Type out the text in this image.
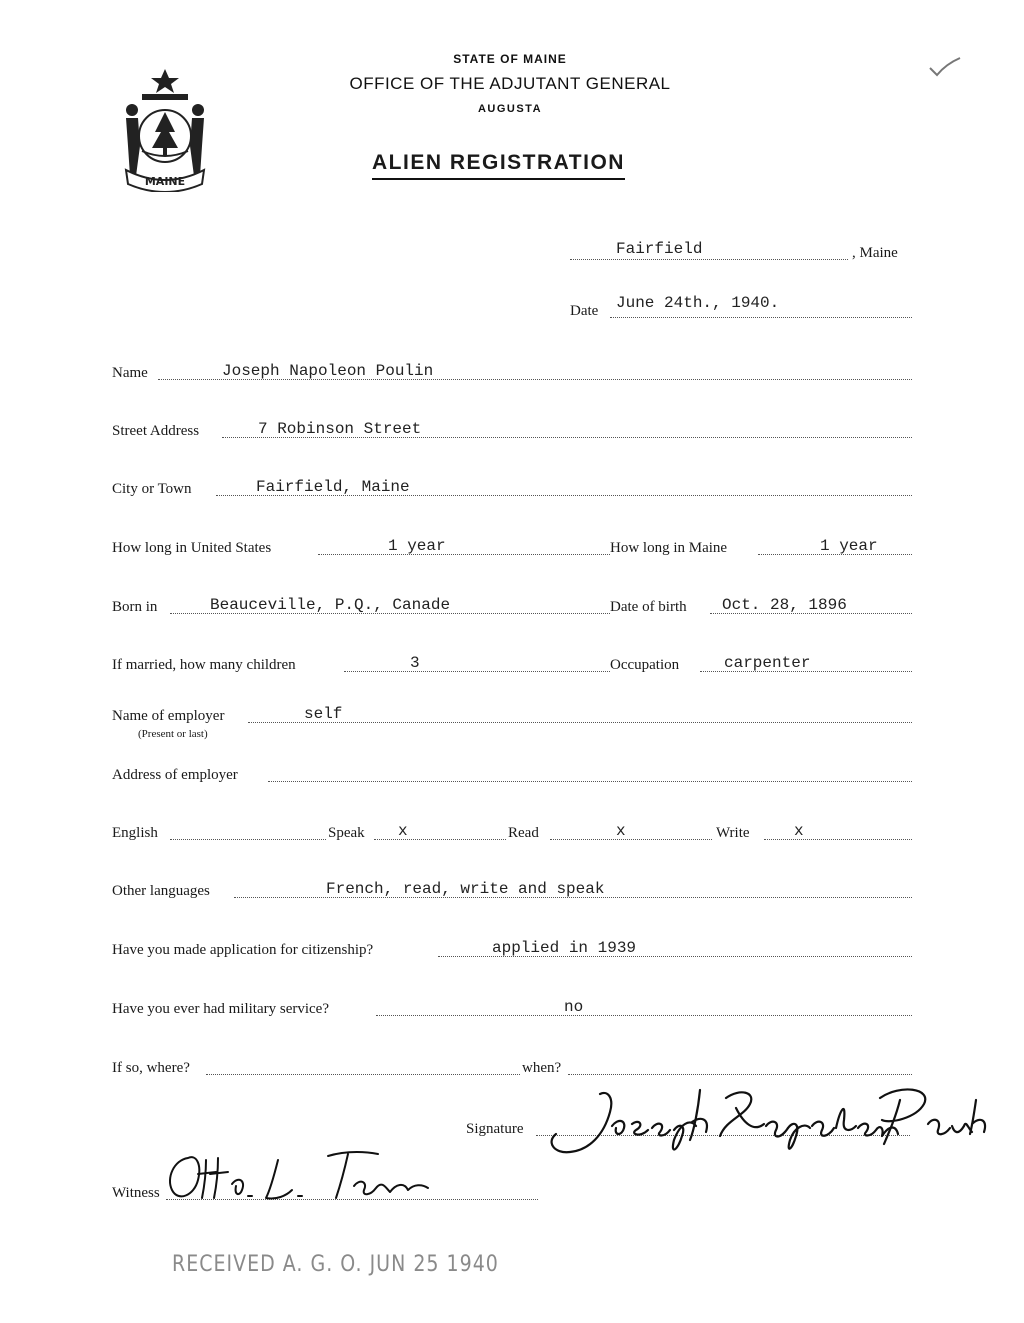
MAINE
STATE OF MAINE
OFFICE OF THE ADJUTANT GENERAL
AUGUSTA
ALIEN REGISTRATION
Fairfield	, Maine
Date June 24th., 1940.
Name	Joseph Napoleon Poulin
Street Address	7 Robinson Street
City or Town	Fairfield, Maine
How long in United States	1 year	How long in Maine	1 year
Born in	Beauceville, P.Q., Canade	Date of birth Oct. 28, 1896
If married, how many children	3	Occupation	carpenter
Name of employer	self
(Present or last)
Address of employer
English	Speak x	Read	x	Write	x
Other languages	French, read, write and speak
Have you made application for citizenship?	applied in 1939
Have you ever had military service?	no
If so, where?	when?
Signature
Witness
RECEIVED A. G. O. JUN 25 1940
